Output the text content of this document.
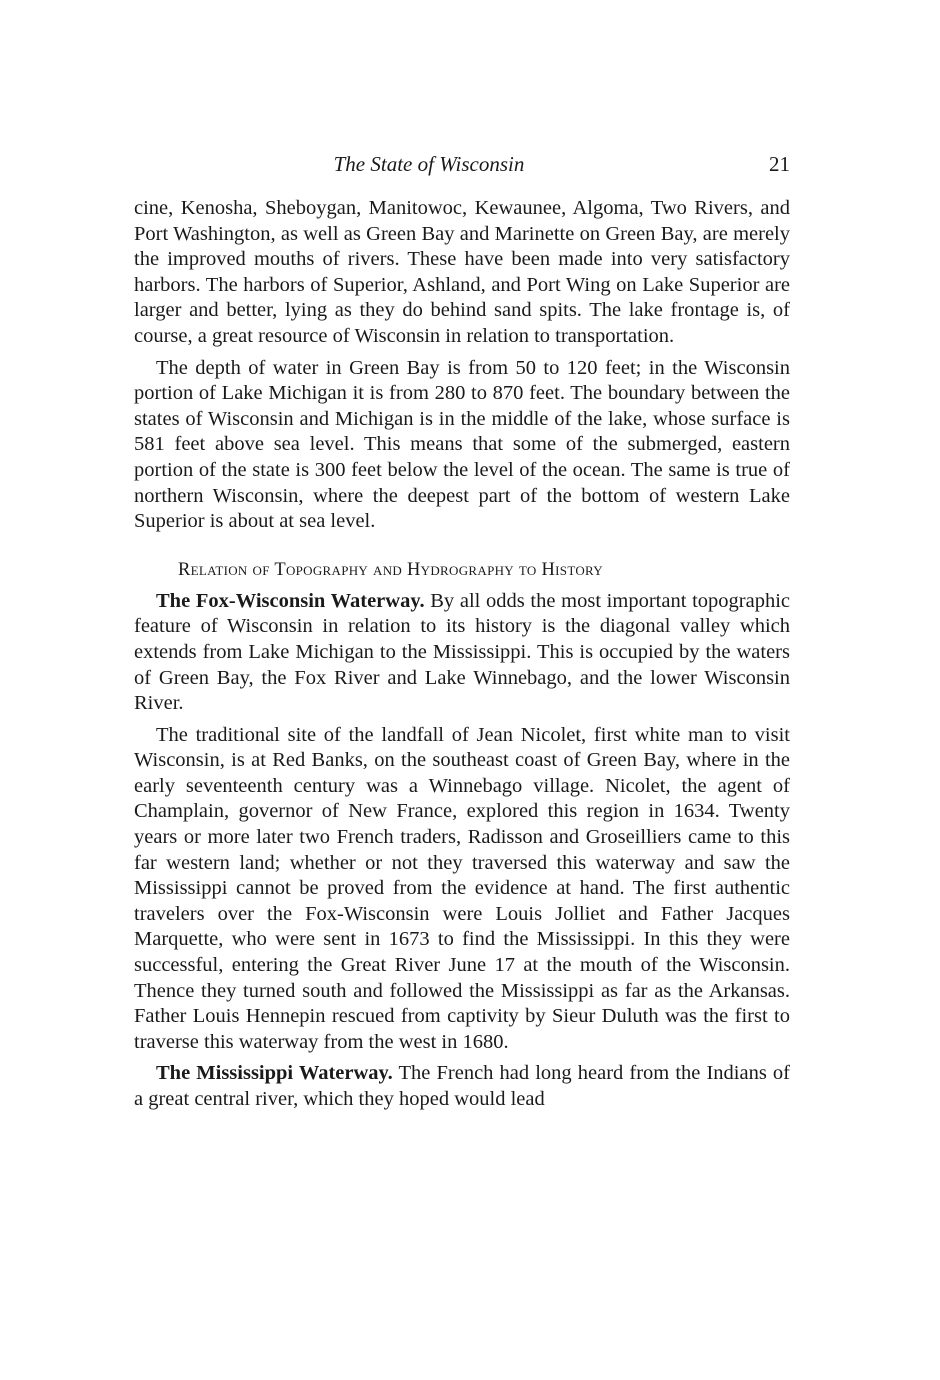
The State of Wisconsin	21

cine, Kenosha, Sheboygan, Manitowoc, Kewaunee, Algoma, Two Rivers, and Port Washington, as well as Green Bay and Marinette on Green Bay, are merely the improved mouths of rivers. These have been made into very satisfactory harbors. The harbors of Superior, Ashland, and Port Wing on Lake Superior are larger and better, lying as they do behind sand spits. The lake frontage is, of course, a great resource of Wisconsin in relation to transportation.

The depth of water in Green Bay is from 50 to 120 feet; in the Wisconsin portion of Lake Michigan it is from 280 to 870 feet. The boundary between the states of Wisconsin and Michigan is in the middle of the lake, whose surface is 581 feet above sea level. This means that some of the submerged, eastern portion of the state is 300 feet below the level of the ocean. The same is true of northern Wisconsin, where the deepest part of the bottom of western Lake Superior is about at sea level.

Relation of Topography and Hydrography to History

The Fox-Wisconsin Waterway. By all odds the most important topographic feature of Wisconsin in relation to its history is the diagonal valley which extends from Lake Michigan to the Mississippi. This is occupied by the waters of Green Bay, the Fox River and Lake Winnebago, and the lower Wisconsin River.

The traditional site of the landfall of Jean Nicolet, first white man to visit Wisconsin, is at Red Banks, on the southeast coast of Green Bay, where in the early seventeenth century was a Winnebago village. Nicolet, the agent of Champlain, governor of New France, explored this region in 1634. Twenty years or more later two French traders, Radisson and Groseilliers came to this far western land; whether or not they traversed this waterway and saw the Mississippi cannot be proved from the evidence at hand. The first authentic travelers over the Fox-Wisconsin were Louis Jolliet and Father Jacques Marquette, who were sent in 1673 to find the Mississippi. In this they were successful, entering the Great River June 17 at the mouth of the Wisconsin. Thence they turned south and followed the Mississippi as far as the Arkansas. Father Louis Hennepin rescued from captivity by Sieur Duluth was the first to traverse this waterway from the west in 1680.

The Mississippi Waterway. The French had long heard from the Indians of a great central river, which they hoped would lead
